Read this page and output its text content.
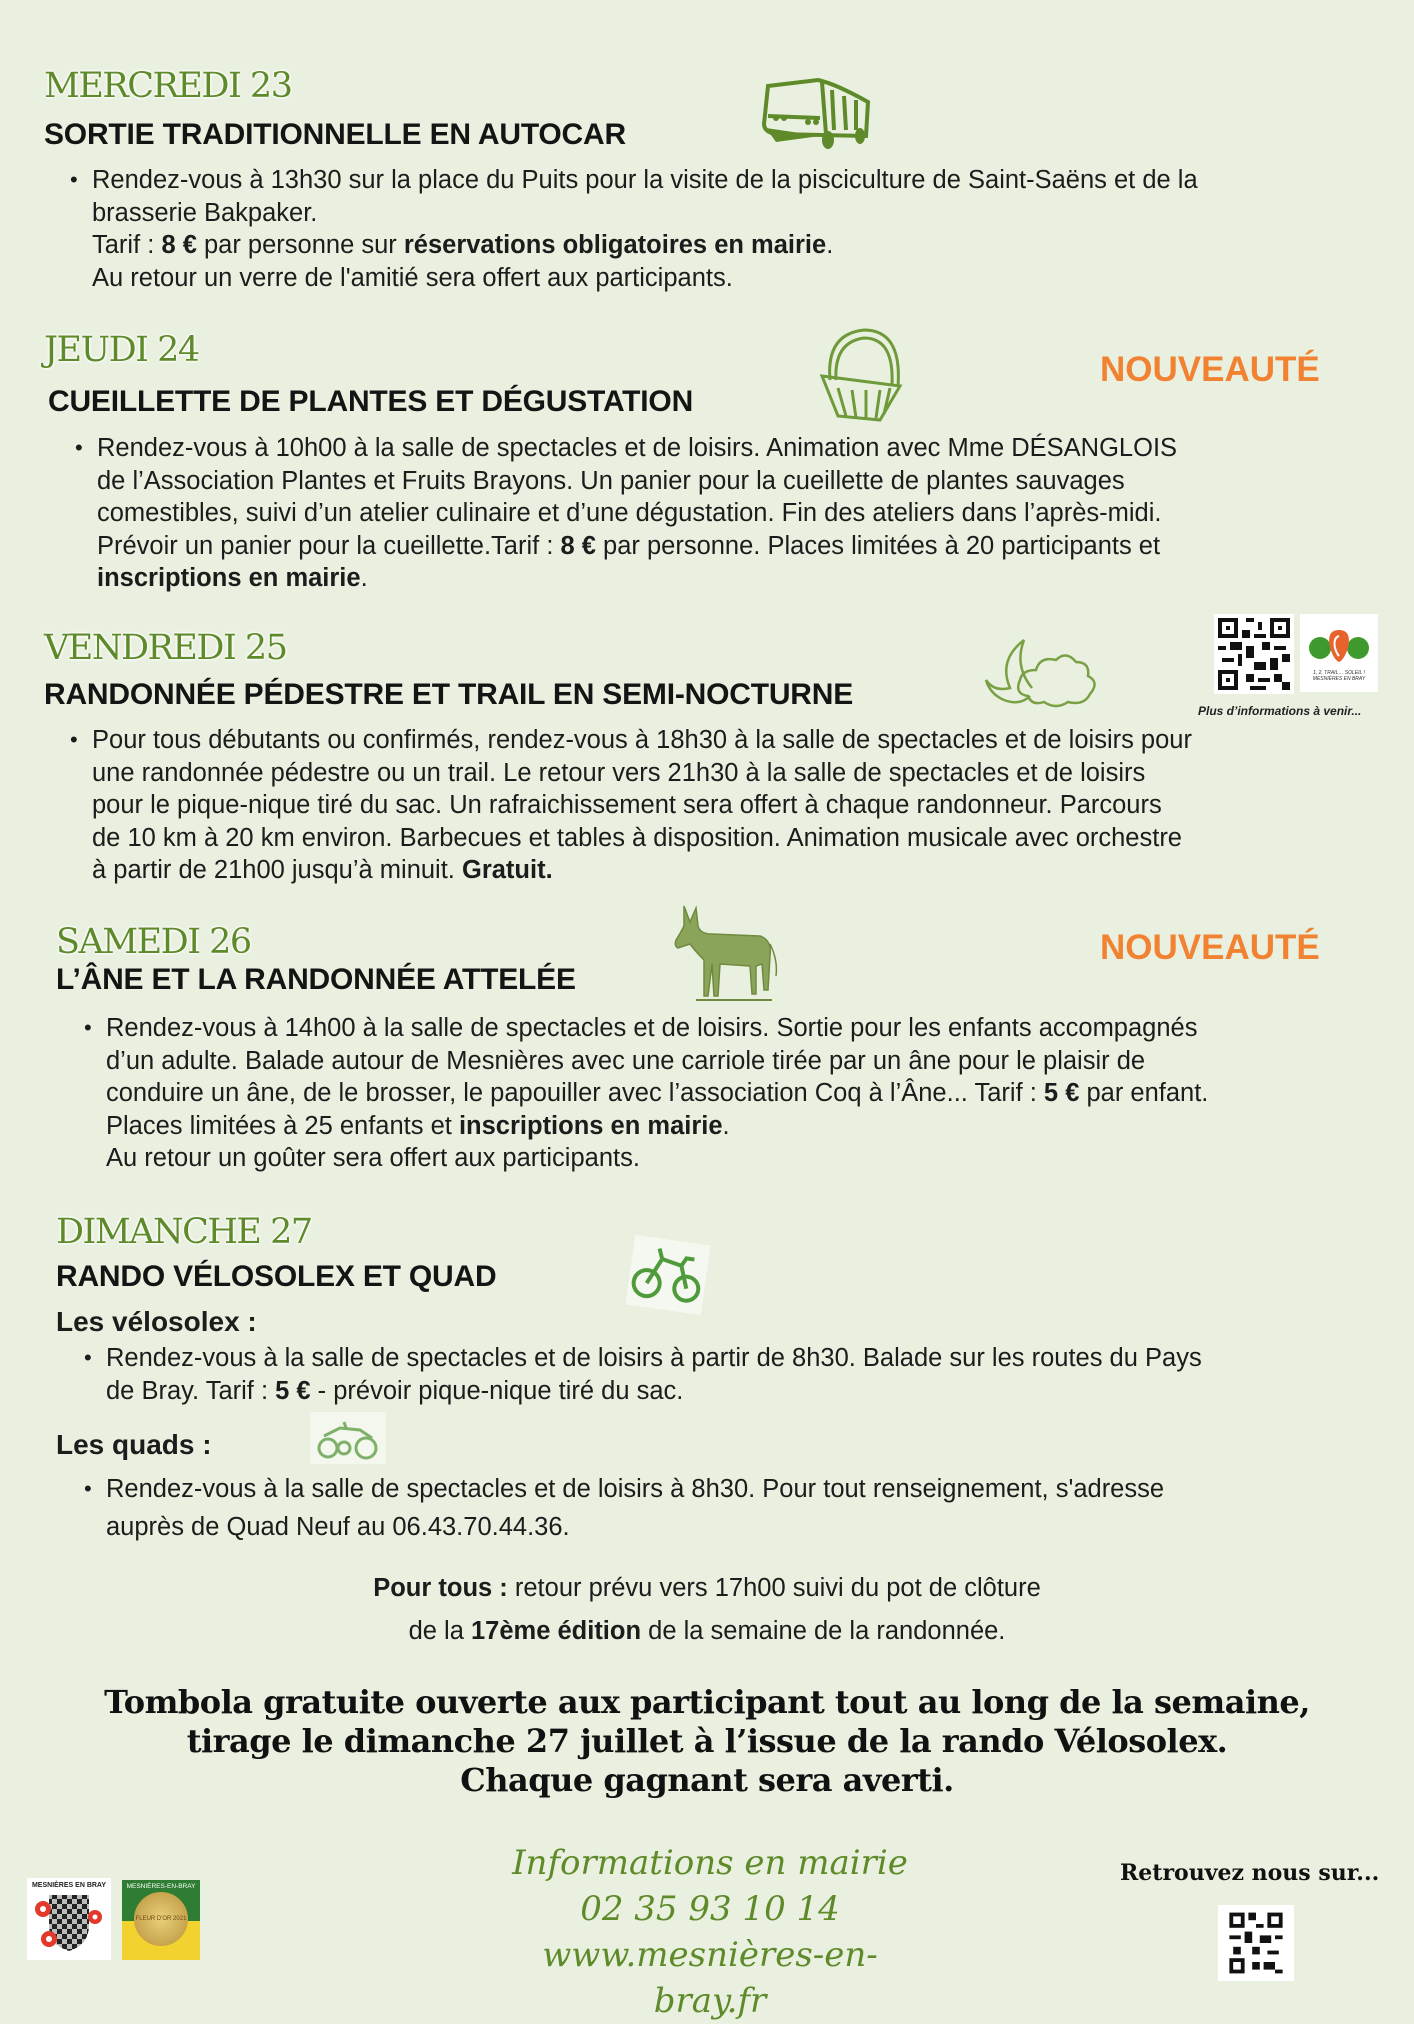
MERCREDI 23
SORTIE TRADITIONNELLE EN AUTOCAR
• Rendez-vous à 13h30 sur la place du Puits pour la visite de la pisciculture de Saint-Saëns et de la
brasserie Bakpaker.
Tarif : 8 € par personne sur réservations obligatoires en mairie.
Au retour un verre de l'amitié sera offert aux participants.
JEUDI 24
CUEILLETTE DE PLANTES ET DÉGUSTATION
NOUVEAUTÉ
• Rendez-vous à 10h00 à la salle de spectacles et de loisirs. Animation avec Mme DÉSANGLOIS
de l’Association Plantes et Fruits Brayons. Un panier pour la cueillette de plantes sauvages
comestibles, suivi d’un atelier culinaire et d’une dégustation. Fin des ateliers dans l’après-midi.
Prévoir un panier pour la cueillette.Tarif : 8 € par personne. Places limitées à 20 participants et
inscriptions en mairie.
VENDREDI 25
RANDONNÉE PÉDESTRE ET TRAIL EN SEMI-NOCTURNE
1, 2, TRAIL… SOLEIL ! MESNIÈRES EN BRAY
Plus d’informations à venir...
• Pour tous débutants ou confirmés, rendez-vous à 18h30 à la salle de spectacles et de loisirs pour
une randonnée pédestre ou un trail. Le retour vers 21h30 à la salle de spectacles et de loisirs
pour le pique-nique tiré du sac. Un rafraichissement sera offert à chaque randonneur. Parcours
de 10 km à 20 km environ. Barbecues et tables à disposition. Animation musicale avec orchestre
à partir de 21h00 jusqu’à minuit. Gratuit.
SAMEDI 26
L’ÂNE ET LA RANDONNÉE ATTELÉE
NOUVEAUTÉ
• Rendez-vous à 14h00 à la salle de spectacles et de loisirs. Sortie pour les enfants accompagnés
d’un adulte. Balade autour de Mesnières avec une carriole tirée par un âne pour le plaisir de
conduire un âne, de le brosser, le papouiller avec l’association Coq à l’Âne... Tarif : 5 € par enfant.
Places limitées à 25 enfants et inscriptions en mairie.
Au retour un goûter sera offert aux participants.
DIMANCHE 27
RANDO VÉLOSOLEX ET QUAD
Les vélosolex :
• Rendez-vous à la salle de spectacles et de loisirs à partir de 8h30. Balade sur les routes du Pays
de Bray. Tarif : 5 € - prévoir pique-nique tiré du sac.
Les quads :
• Rendez-vous à la salle de spectacles et de loisirs à 8h30. Pour tout renseignement, s'adresse
auprès de Quad Neuf au 06.43.70.44.36.
Pour tous : retour prévu vers 17h00 suivi du pot de clôture
de la 17ème édition de la semaine de la randonnée.
Tombola gratuite ouverte aux participant tout au long de la semaine,
tirage le dimanche 27 juillet à l’issue de la rando Vélosolex.
Chaque gagnant sera averti.
MESNIÈRES EN BRAY	MESNIÈRES-EN-BRAY
FLEUR D'OR 2021
Informations en mairie
02 35 93 10 14
www.mesnières-en-bray.fr
Retrouvez nous sur...
